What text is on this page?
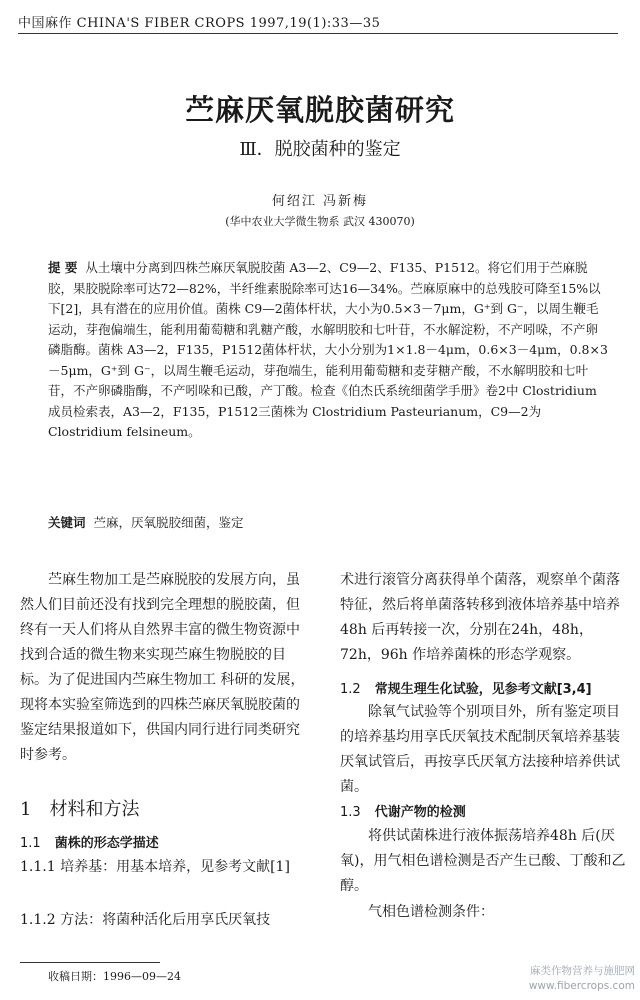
中国麻作 CHINA'S FIBER CROPS 1997,19(1):33—35
苎麻厌氧脱胶菌研究
Ⅲ．脱胶菌种的鉴定
何绍江 冯新梅
(华中农业大学微生物系 武汉 430070)
提 要 从土壤中分离到四株苎麻厌氧脱胶菌 A3—2、C9—2、F135、P1512。将它们用于苎麻脱胶，果胶脱除率可达72—82%，半纤维素脱除率可达16—34%。苎麻原麻中的总残胶可降至15%以下[2]，具有潜在的应用价值。菌株 C9—2菌体杆状，大小为0.5×3－7μm，G⁺到 G⁻，以周生鞭毛运动，芽孢偏端生，能利用葡萄糖和乳糖产酸，水解明胶和七叶苷，不水解淀粉，不产吲哚，不产卵磷脂酶。菌株 A3—2，F135，P1512菌体杆状，大小分别为1×1.8－4μm，0.6×3－4μm，0.8×3－5μm，G⁺到 G⁻，以周生鞭毛运动，芽孢端生，能利用葡萄糖和麦芽糖产酸，不水解明胶和七叶苷，不产卵磷脂酶，不产吲哚和已酸，产丁酸。检查《伯杰氏系统细菌学手册》卷2中 Clostridium 成员检索表，A3—2，F135，P1512三菌株为 Clostridium Pasteurianum，C9—2为 Clostridium felsineum。
关键词 苎麻，厌氧脱胶细菌，鉴定

苎麻生物加工是苎麻脱胶的发展方向，虽然人们目前还没有找到完全理想的脱胶菌，但终有一天人们将从自然界丰富的微生物资源中找到合适的微生物来实现苎麻生物脱胶的目标。为了促进国内苎麻生物加工 科研的发展，现将本实验室筛选到的四株苎麻厌氧脱胶菌的鉴定结果报道如下，供国内同行进行同类研究时参考。

1 材料和方法
1.1 菌株的形态学描述
1.1.1 培养基：用基本培养，见参考文献[1]
1.1.2 方法：将菌种活化后用享氏厌氧技

术进行滚管分离获得单个菌落，观察单个菌落特征，然后将单菌落转移到液体培养基中培养48h 后再转接一次，分别在24h，48h，72h，96h 作培养菌株的形态学观察。

1.2 常规生理生化试验，见参考文献[3,4]
除氧气试验等个别项目外，所有鉴定项目的培养基均用享氏厌氧技术配制厌氧培养基装厌氧试管后，再按享氏厌氧方法接种培养供试菌。
1.3 代谢产物的检测
将供试菌株进行液体振荡培养48h 后(厌氧)，用气相色谱检测是否产生已酸、丁酸和乙醇。
气相色谱检测条件：
收稿日期：1996—09—24	麻类作物营养与施肥网
www.fibercrops.com
